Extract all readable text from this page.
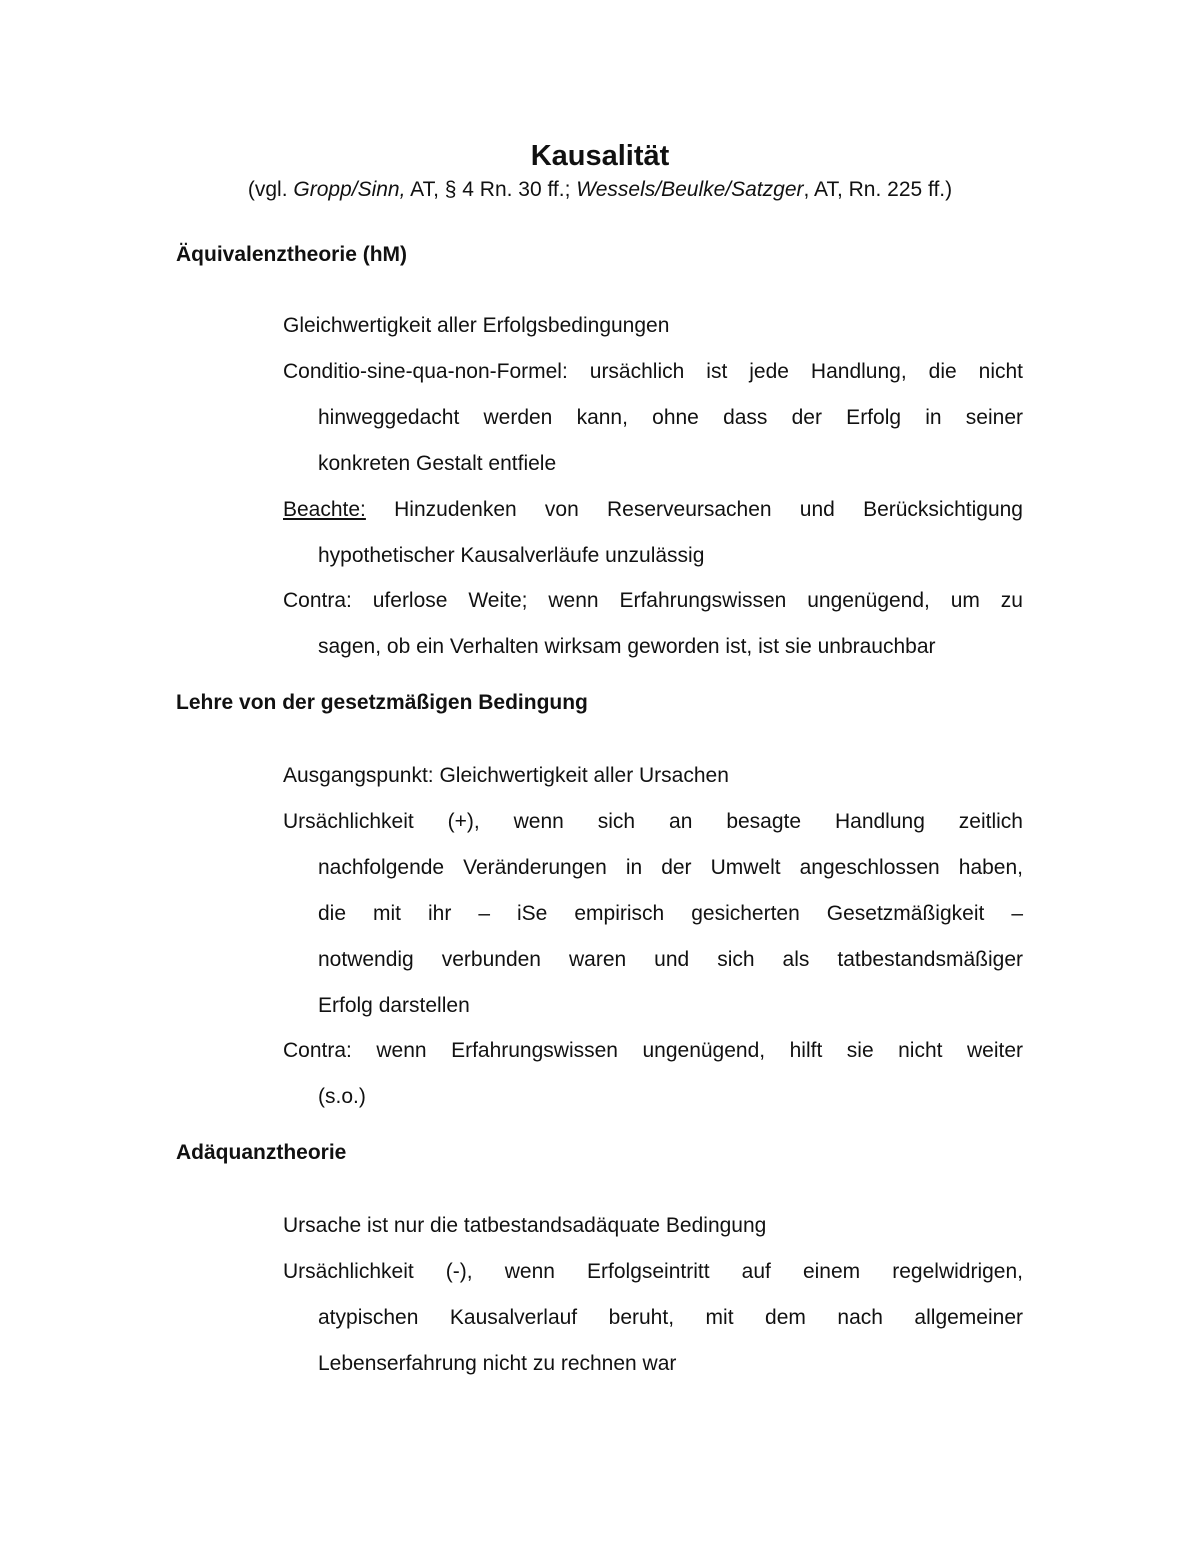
Kausalität
(vgl. Gropp/Sinn, AT, § 4 Rn. 30 ff.; Wessels/Beulke/Satzger, AT, Rn. 225 ff.)
Äquivalenztheorie (hM)
Gleichwertigkeit aller Erfolgsbedingungen
Conditio-sine-qua-non-Formel: ursächlich ist jede Handlung, die nicht
hinweggedacht werden kann, ohne dass der Erfolg in seiner
konkreten Gestalt entfiele
Beachte: Hinzudenken von Reserveursachen und Berücksichtigung
hypothetischer Kausalverläufe unzulässig
Contra: uferlose Weite; wenn Erfahrungswissen ungenügend, um zu
sagen, ob ein Verhalten wirksam geworden ist, ist sie unbrauchbar
Lehre von der gesetzmäßigen Bedingung
Ausgangspunkt: Gleichwertigkeit aller Ursachen
Ursächlichkeit (+), wenn sich an besagte Handlung zeitlich
nachfolgende Veränderungen in der Umwelt angeschlossen haben,
die mit ihr – iSe empirisch gesicherten Gesetzmäßigkeit –
notwendig verbunden waren und sich als tatbestandsmäßiger
Erfolg darstellen
Contra: wenn Erfahrungswissen ungenügend, hilft sie nicht weiter
(s.o.)
Adäquanztheorie
Ursache ist nur die tatbestandsadäquate Bedingung
Ursächlichkeit (-), wenn Erfolgseintritt auf einem regelwidrigen,
atypischen Kausalverlauf beruht, mit dem nach allgemeiner
Lebenserfahrung nicht zu rechnen war
